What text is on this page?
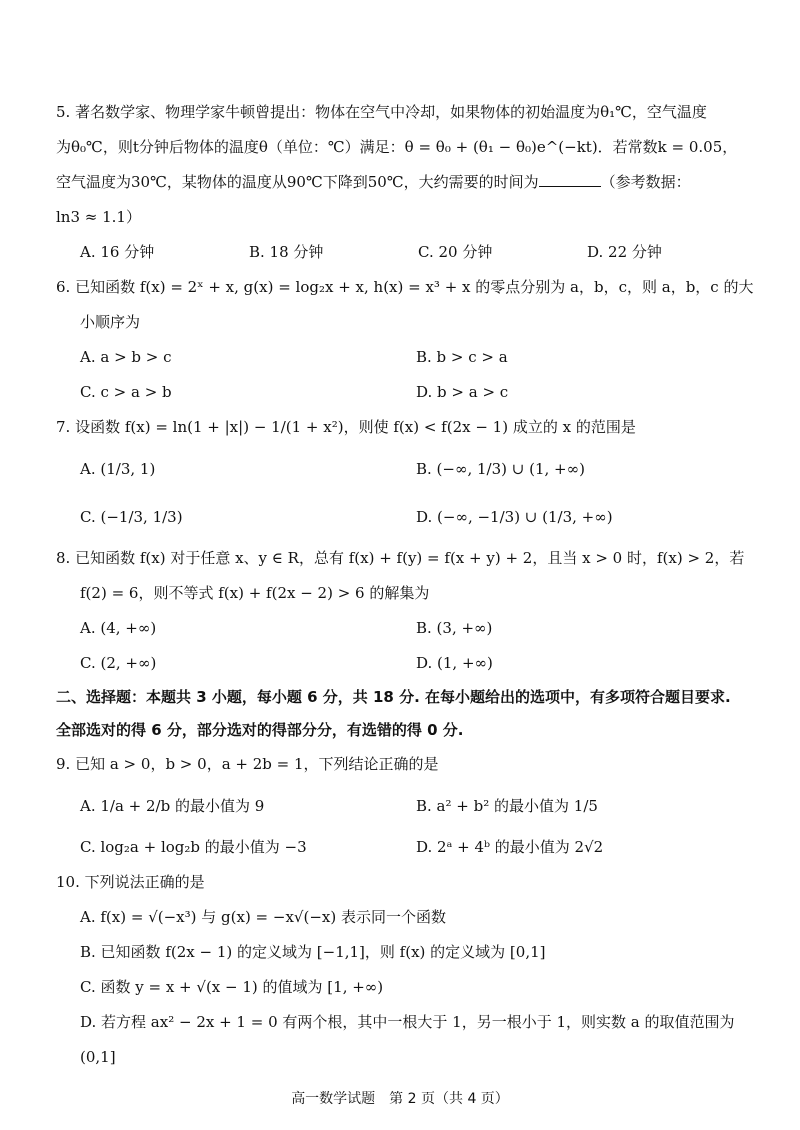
5. 著名数学家、物理学家牛顿曾提出：物体在空气中冷却，如果物体的初始温度为θ₁℃，空气温度

为θ₀℃，则t分钟后物体的温度θ（单位：℃）满足：θ = θ₀ + (θ₁ − θ₀)e^(−kt)．若常数k = 0.05，

空气温度为30℃，某物体的温度从90℃下降到50℃，大约需要的时间为	（参考数据：

ln3 ≈ 1.1）

A. 16 分钟	B. 18 分钟	C. 20 分钟	D. 22 分钟

6. 已知函数 f(x) = 2ˣ + x, g(x) = log₂x + x, h(x) = x³ + x 的零点分别为 a，b，c，则 a，b，c 的大

小顺序为

A. a > b > c	B. b > c > a
C. c > a > b	D. b > a > c

7. 设函数 f(x) = ln(1 + |x|) − 1/(1 + x²)，则使 f(x) < f(2x − 1) 成立的 x 的范围是

A. (1/3, 1)	B. (−∞, 1/3) ∪ (1, +∞)
C. (−1/3, 1/3)	D. (−∞, −1/3) ∪ (1/3, +∞)

8. 已知函数 f(x) 对于任意 x、y ∈ R，总有 f(x) + f(y) = f(x + y) + 2，且当 x > 0 时，f(x) > 2，若

f(2) = 6，则不等式 f(x) + f(2x − 2) > 6 的解集为

A. (4, +∞)	B. (3, +∞)
C. (2, +∞)	D. (1, +∞)
二、选择题：本题共 3 小题，每小题 6 分，共 18 分. 在每小题给出的选项中，有多项符合题目要求.
全部选对的得 6 分，部分选对的得部分分，有选错的得 0 分.

9. 已知 a > 0，b > 0，a + 2b = 1，下列结论正确的是

A. 1/a + 2/b 的最小值为 9	B. a² + b² 的最小值为 1/5
C. log₂a + log₂b 的最小值为 −3	D. 2ᵃ + 4ᵇ 的最小值为 2√2

10. 下列说法正确的是

A. f(x) = √(−x³) 与 g(x) = −x√(−x) 表示同一个函数

B. 已知函数 f(2x − 1) 的定义域为 [−1,1]，则 f(x) 的定义域为 [0,1]

C. 函数 y = x + √(x − 1) 的值域为 [1, +∞)

D. 若方程 ax² − 2x + 1 = 0 有两个根，其中一根大于 1，另一根小于 1，则实数 a 的取值范围为 (0,1]

高一数学试题　第 2 页（共 4 页）
